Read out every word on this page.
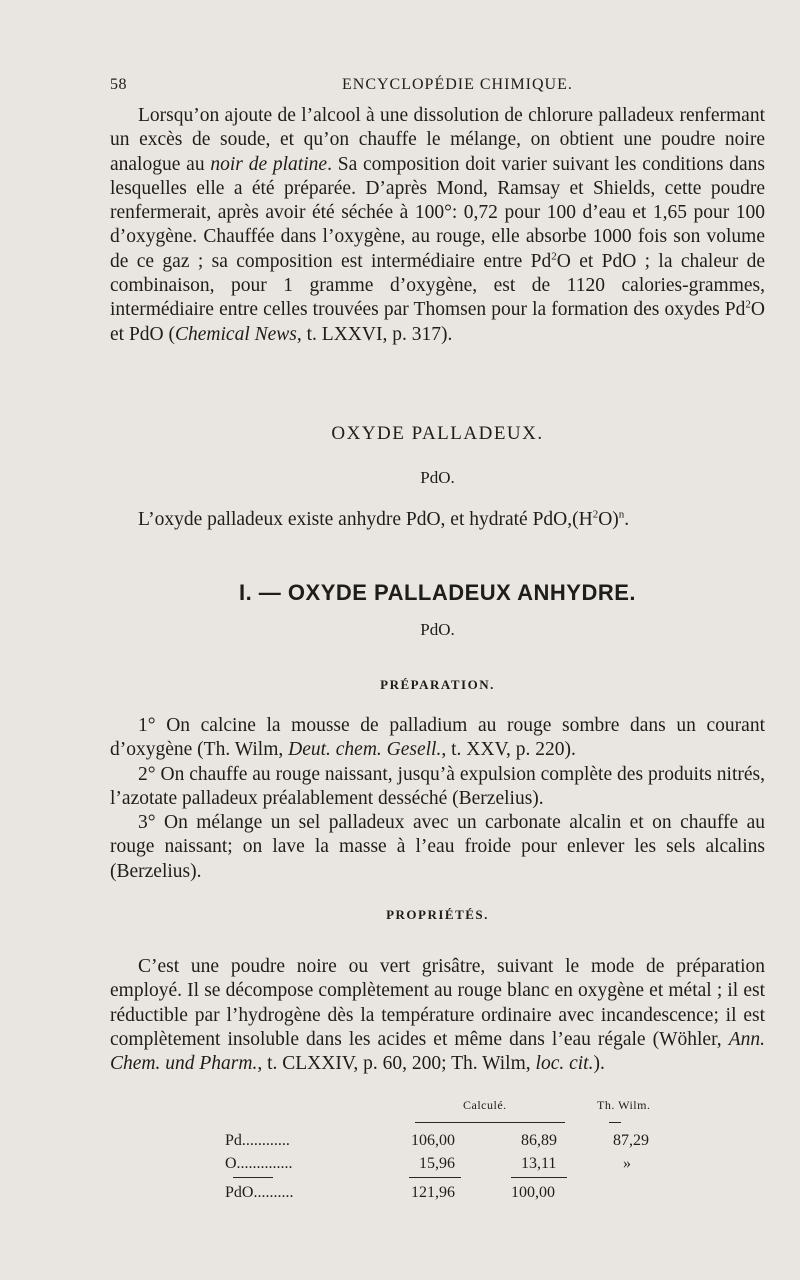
58	ENCYCLOPÉDIE CHIMIQUE.

Lorsqu’on ajoute de l’alcool à une dissolution de chlorure palladeux renfermant un excès de soude, et qu’on chauffe le mélange, on obtient une poudre noire analogue au noir de platine. Sa composition doit varier suivant les conditions dans lesquelles elle a été préparée. D’après Mond, Ramsay et Shields, cette poudre renfermerait, après avoir été séchée à 100°: 0,72 pour 100 d’eau et 1,65 pour 100 d’oxygène. Chauffée dans l’oxygène, au rouge, elle absorbe 1000 fois son volume de ce gaz ; sa composition est intermédiaire entre Pd$^2$O et PdO ; la chaleur de combinaison, pour 1 gramme d’oxygène, est de 1120 calories-grammes, intermédiaire entre celles trouvées par Thomsen pour la formation des oxydes Pd$^2$O et PdO (Chemical News, t. LXXVI, p. 317).

OXYDE PALLADEUX.
PdO.

L’oxyde palladeux existe anhydre PdO, et hydraté $PdO,(H^2O)^n$.

I. — OXYDE PALLADEUX ANHYDRE.
PdO.
PRÉPARATION.

1° On calcine la mousse de palladium au rouge sombre dans un courant d’oxygène (Th. Wilm, Deut. chem. Gesell., t. XXV, p. 220).

2° On chauffe au rouge naissant, jusqu’à expulsion complète des produits nitrés, l’azotate palladeux préalablement desséché (Berzelius).

3° On mélange un sel palladeux avec un carbonate alcalin et on chauffe au rouge naissant; on lave la masse à l’eau froide pour enlever les sels alcalins (Berzelius).

PROPRIÉTÉS.

C’est une poudre noire ou vert grisâtre, suivant le mode de préparation employé. Il se décompose complètement au rouge blanc en oxygène et métal ; il est réductible par l’hydrogène dès la température ordinaire avec incandescence; il est complètement insoluble dans les acides et même dans l’eau régale (Wöhler, Ann. Chem. und Pharm., t. CLXXIV, p. 60, 200; Th. Wilm, loc. cit.).

Calculé.	Th. Wilm.
Pd............	106,00	86,89	87,29
O..............	15,96	13,11	»
PdO..........	121,96	100,00
